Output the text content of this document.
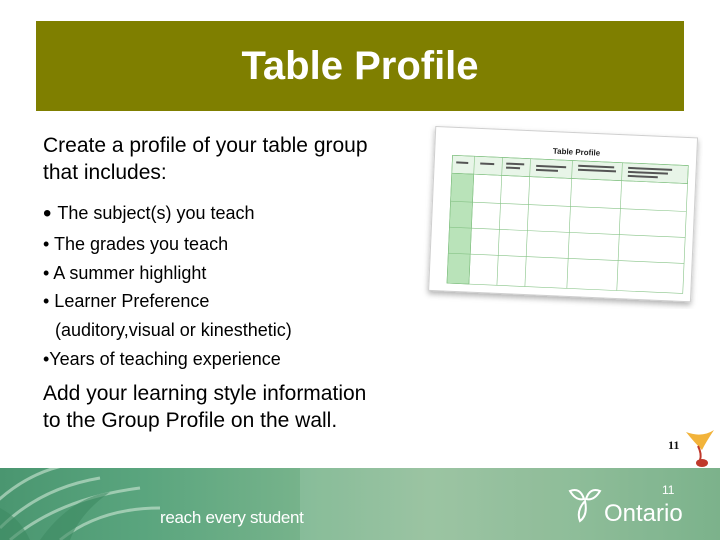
Table Profile
Create a profile of your table group
that includes:
• The subject(s) you teach
• The grades you teach
• A summer highlight
• Learner Preference
(auditory,visual or kinesthetic)
•Years of teaching experience
Add your learning style information
to the Group Profile on the wall.
Table Profile
11
reach every student
11
Ontario
